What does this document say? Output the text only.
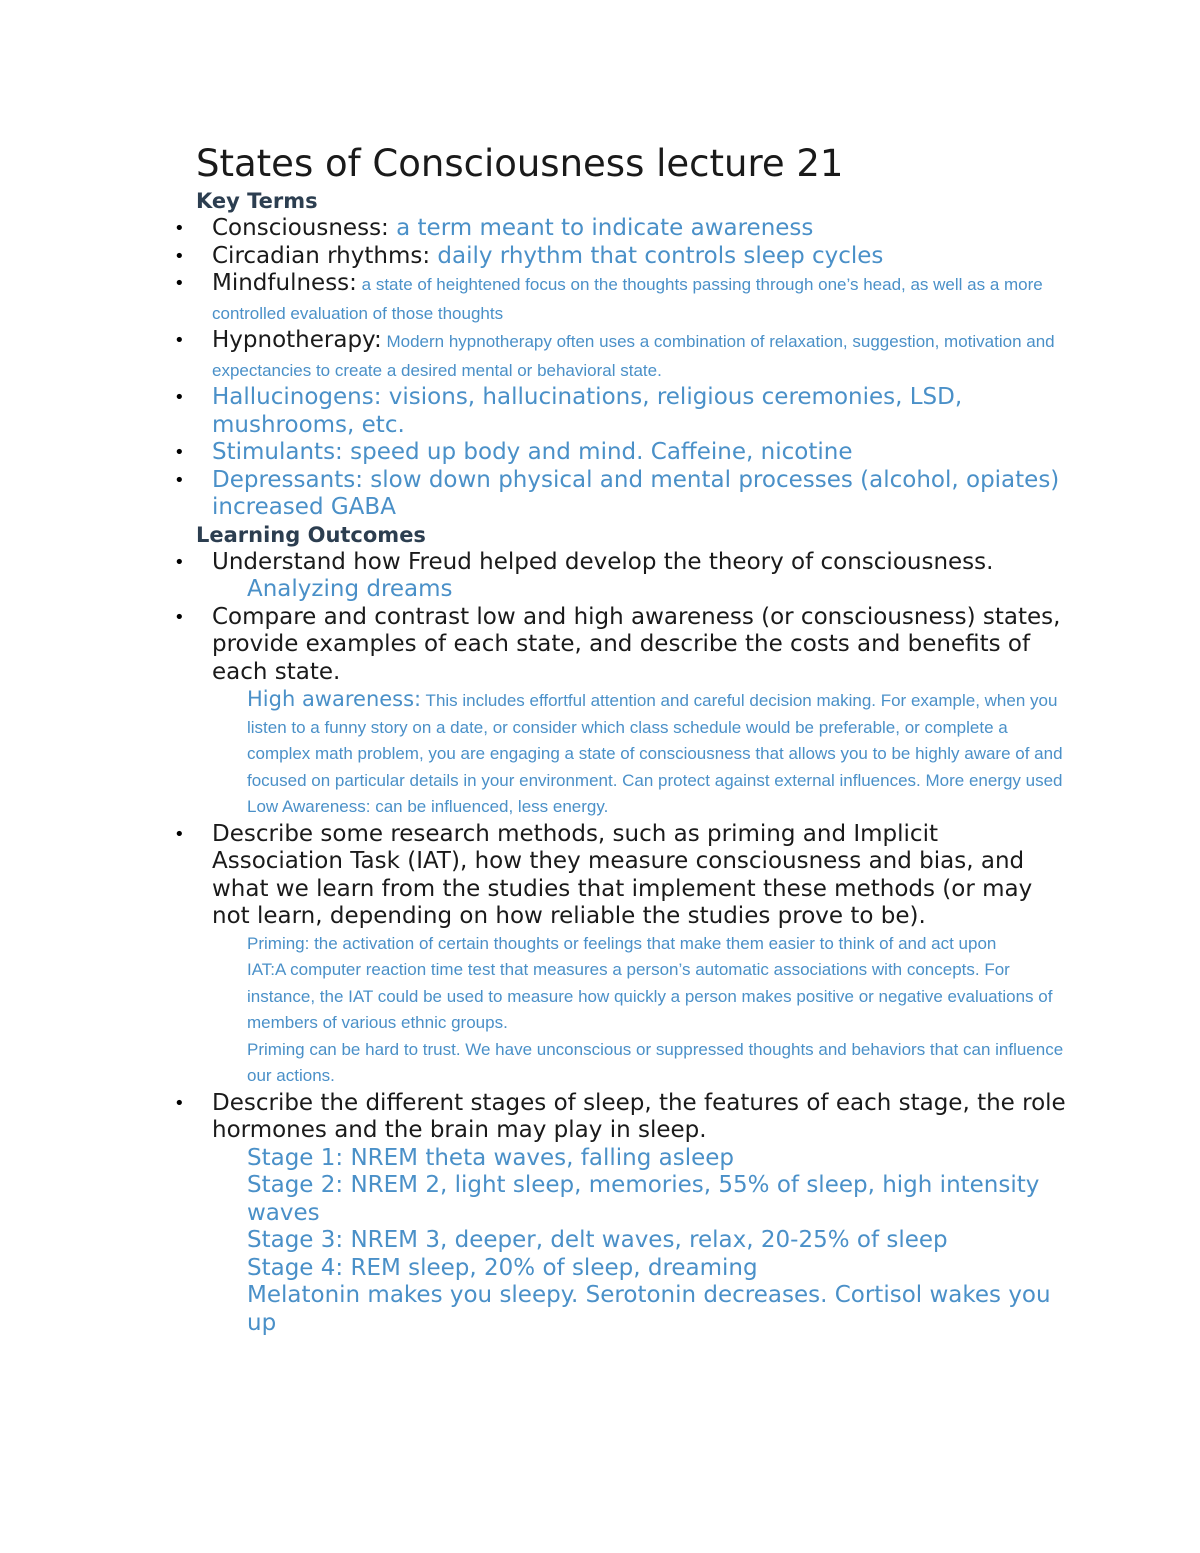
States of Consciousness lecture 21
Key Terms
• Consciousness: a term meant to indicate awareness
• Circadian rhythms: daily rhythm that controls sleep cycles
• Mindfulness: a state of heightened focus on the thoughts passing through one’s head, as well as a more controlled evaluation of those thoughts
• Hypnotherapy: Modern hypnotherapy often uses a combination of relaxation, suggestion, motivation and expectancies to create a desired mental or behavioral state.
• Hallucinogens: visions, hallucinations, religious ceremonies, LSD, mushrooms, etc.
• Stimulants: speed up body and mind. Caffeine, nicotine
• Depressants: slow down physical and mental processes (alcohol, opiates) increased GABA
Learning Outcomes
• Understand how Freud helped develop the theory of consciousness.
Analyzing dreams
• Compare and contrast low and high awareness (or consciousness) states, provide examples of each state, and describe the costs and benefits of each state.
High awareness: This includes effortful attention and careful decision making. For example, when you listen to a funny story on a date, or consider which class schedule would be preferable, or complete a complex math problem, you are engaging a state of consciousness that allows you to be highly aware of and focused on particular details in your environment. Can protect against external influences. More energy used
Low Awareness: can be influenced, less energy.
• Describe some research methods, such as priming and Implicit Association Task (IAT), how they measure consciousness and bias, and what we learn from the studies that implement these methods (or may not learn, depending on how reliable the studies prove to be).
Priming: the activation of certain thoughts or feelings that make them easier to think of and act upon
IAT:A computer reaction time test that measures a person’s automatic associations with concepts. For instance, the IAT could be used to measure how quickly a person makes positive or negative evaluations of members of various ethnic groups.
Priming can be hard to trust. We have unconscious or suppressed thoughts and behaviors that can influence our actions.
• Describe the different stages of sleep, the features of each stage, the role hormones and the brain may play in sleep.
Stage 1: NREM theta waves, falling asleep
Stage 2: NREM 2, light sleep, memories, 55% of sleep, high intensity waves
Stage 3: NREM 3, deeper, delt waves, relax, 20-25% of sleep
Stage 4: REM sleep, 20% of sleep, dreaming
Melatonin makes you sleepy. Serotonin decreases. Cortisol wakes you up
